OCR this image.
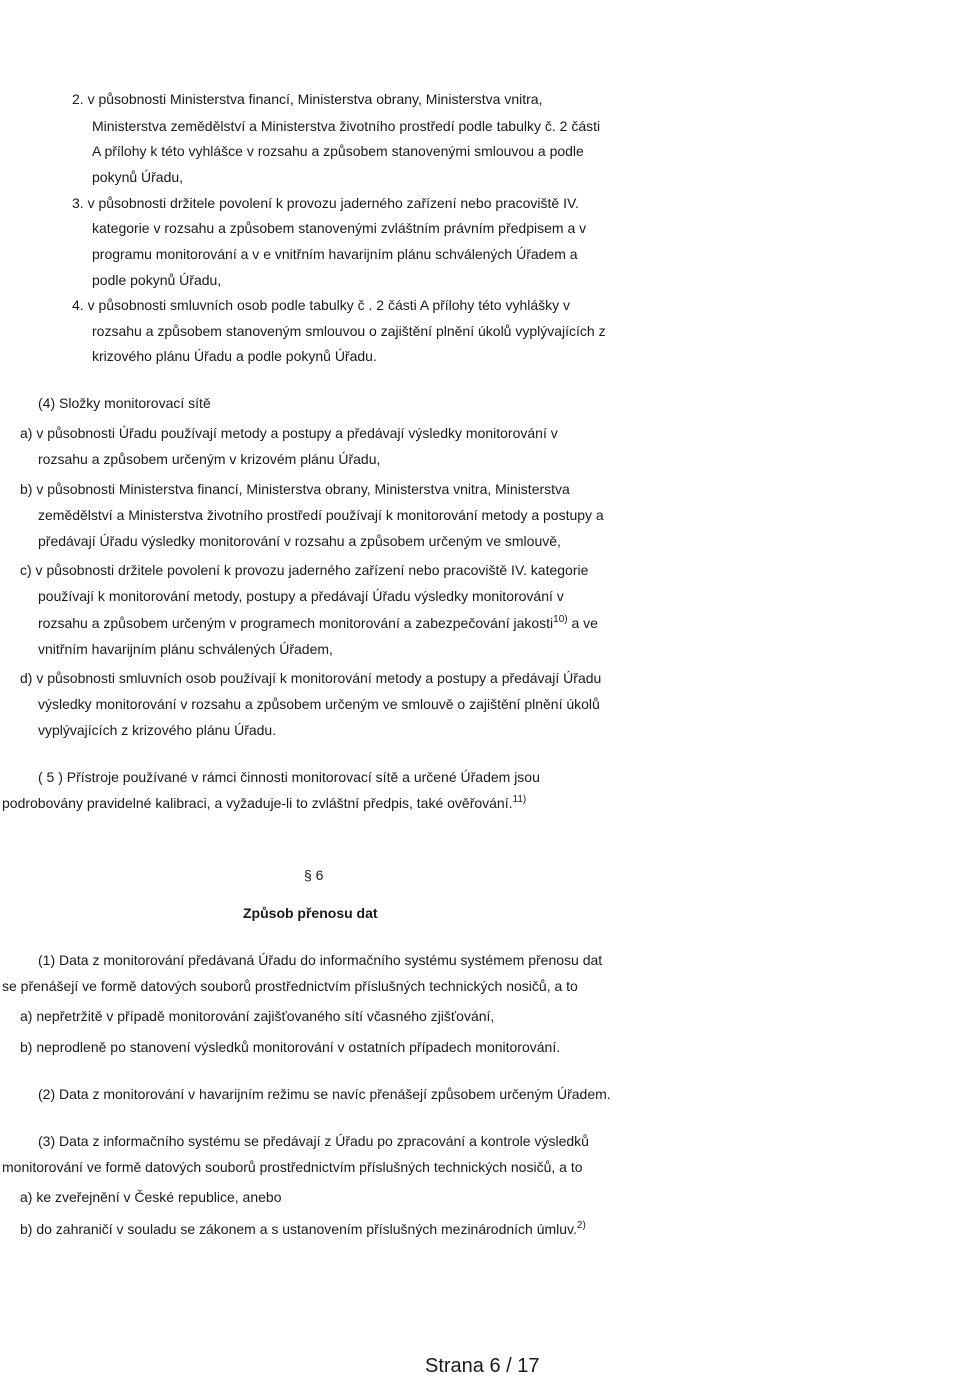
2. v působnosti Ministerstva financí, Ministerstva obrany, Ministerstva vnitra,
Ministerstva zemědělství a Ministerstva životního prostředí podle tabulky č. 2 části
A přílohy k této vyhlášce v rozsahu a způsobem stanovenými smlouvou a podle
pokynů Úřadu,
3. v působnosti držitele povolení k provozu jaderného zařízení nebo pracoviště IV.
kategorie v rozsahu a způsobem stanovenými zvláštním právním předpisem a v
programu monitorování a v e vnitřním havarijním plánu schválených Úřadem a
podle pokynů Úřadu,
4. v působnosti smluvních osob podle tabulky č . 2 části A přílohy této vyhlášky v
rozsahu a způsobem stanoveným smlouvou o zajištění plnění úkolů vyplývajících z
krizového plánu Úřadu a podle pokynů Úřadu.
(4) Složky monitorovací sítě
a) v působnosti Úřadu používají metody a postupy a předávají výsledky monitorování v
rozsahu a způsobem určeným v krizovém plánu Úřadu,
b) v působnosti Ministerstva financí, Ministerstva obrany, Ministerstva vnitra, Ministerstva
zemědělství a Ministerstva životního prostředí používají k monitorování metody a postupy a
předávají Úřadu výsledky monitorování v rozsahu a způsobem určeným ve smlouvě,
c) v působnosti držitele povolení k provozu jaderného zařízení nebo pracoviště IV. kategorie
používají k monitorování metody, postupy a předávají Úřadu výsledky monitorování v
rozsahu a způsobem určeným v programech monitorování a zabezpečování jakosti$^{10)}$ a ve
vnitřním havarijním plánu schválených Úřadem,
d) v působnosti smluvních osob používají k monitorování metody a postupy a předávají Úřadu
výsledky monitorování v rozsahu a způsobem určeným ve smlouvě o zajištění plnění úkolů
vyplývajících z krizového plánu Úřadu.
( 5 ) Přístroje používané v rámci činnosti monitorovací sítě a určené Úřadem jsou
podrobovány pravidelné kalibraci, a vyžaduje-li to zvláštní předpis, také ověřování.$^{11)}$
§ 6
Způsob přenosu dat
(1) Data z monitorování předávaná Úřadu do informačního systému systémem přenosu dat
se přenášejí ve formě datových souborů prostřednictvím příslušných technických nosičů, a to
a) nepřetržitě v případě monitorování zajišťovaného sítí včasného zjišťování,
b) neprodleně po stanovení výsledků monitorování v ostatních případech monitorování.
(2) Data z monitorování v havarijním režimu se navíc přenášejí způsobem určeným Úřadem.
(3) Data z informačního systému se předávají z Úřadu po zpracování a kontrole výsledků
monitorování ve formě datových souborů prostřednictvím příslušných technických nosičů, a to
a) ke zveřejnění v České republice, anebo
b) do zahraničí v souladu se zákonem a s ustanovením příslušných mezinárodních úmluv.$^{2)}$
Strana 6 / 17
